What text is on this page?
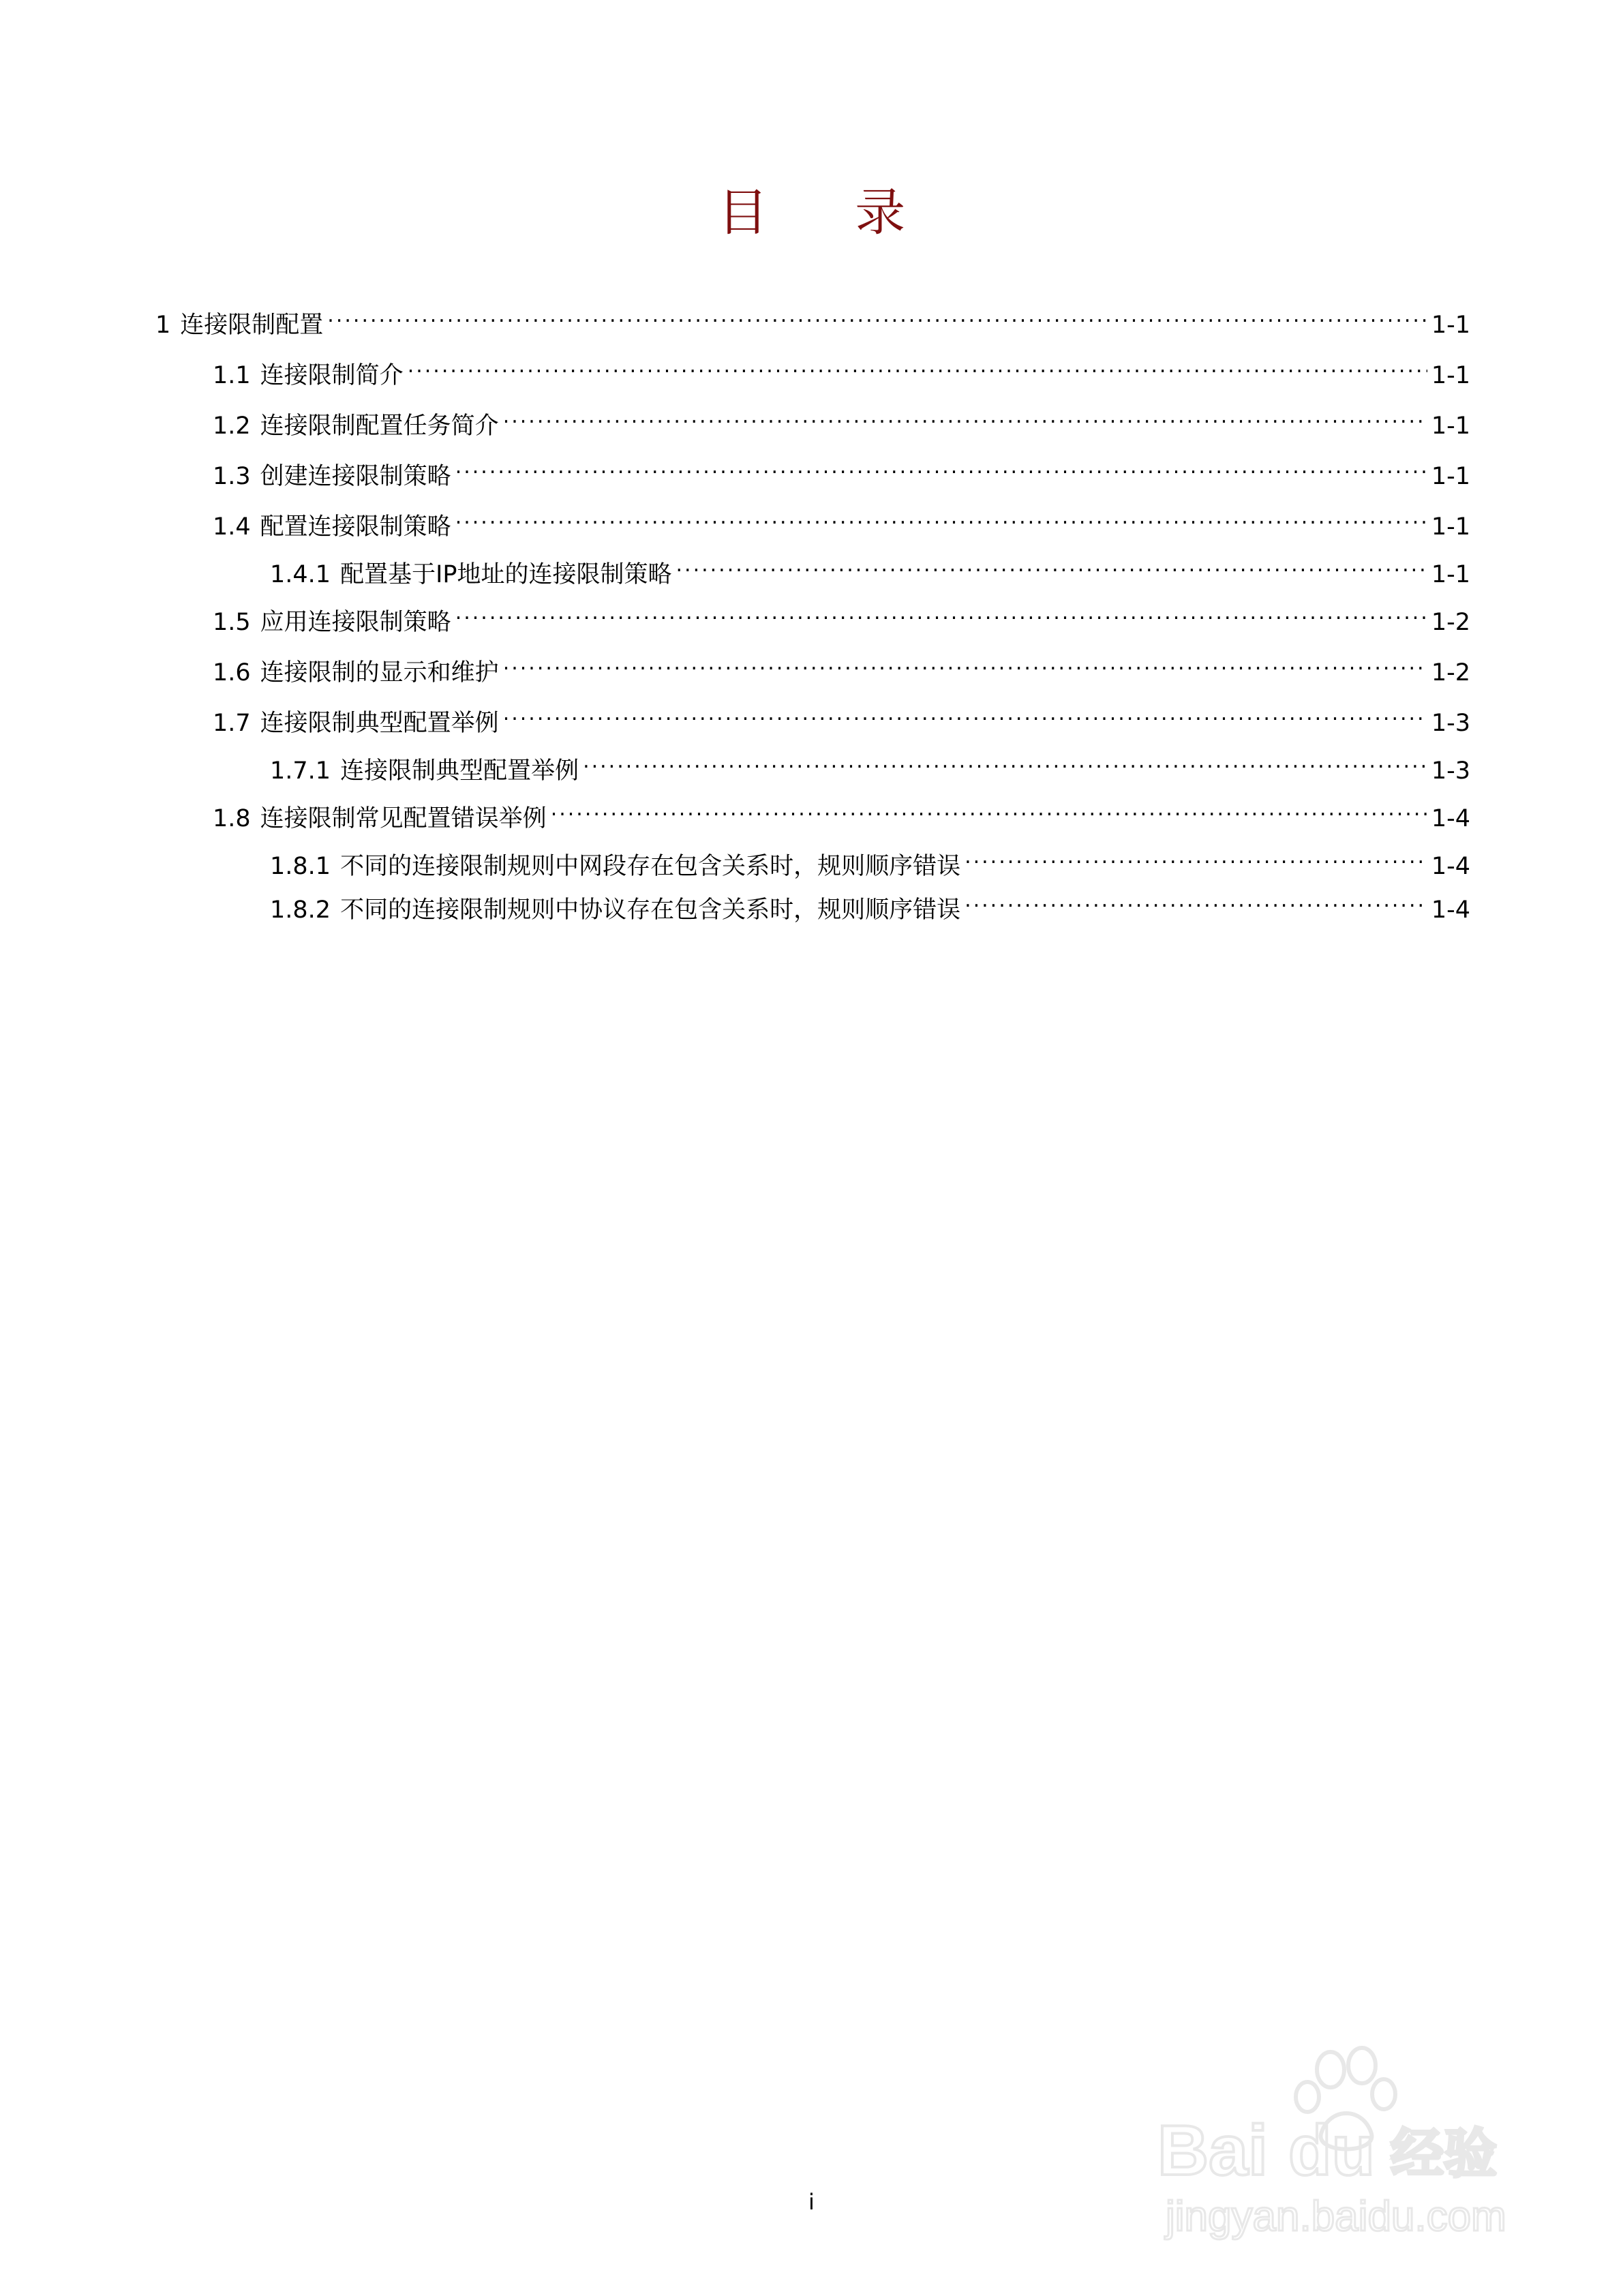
目 录
1 连接限制配置 .....	1-1
1.1 连接限制简介 .....	1-1
1.2 连接限制配置任务简介 .....	1-1
1.3 创建连接限制策略 .....	1-1
1.4 配置连接限制策略 .....	1-1
1.4.1 配置基于IP地址的连接限制策略 .....	1-1
1.5 应用连接限制策略 .....	1-2
1.6 连接限制的显示和维护 .....	1-2
1.7 连接限制典型配置举例 .....	1-3
1.7.1 连接限制典型配置举例 .....	1-3
1.8 连接限制常见配置错误举例 .....	1-4
1.8.1 不同的连接限制规则中网段存在包含关系时，规则顺序错误 .....	1-4
1.8.2 不同的连接限制规则中协议存在包含关系时，规则顺序错误 .....	1-4
i
Bai du 经验
jingyan.baidu.com
